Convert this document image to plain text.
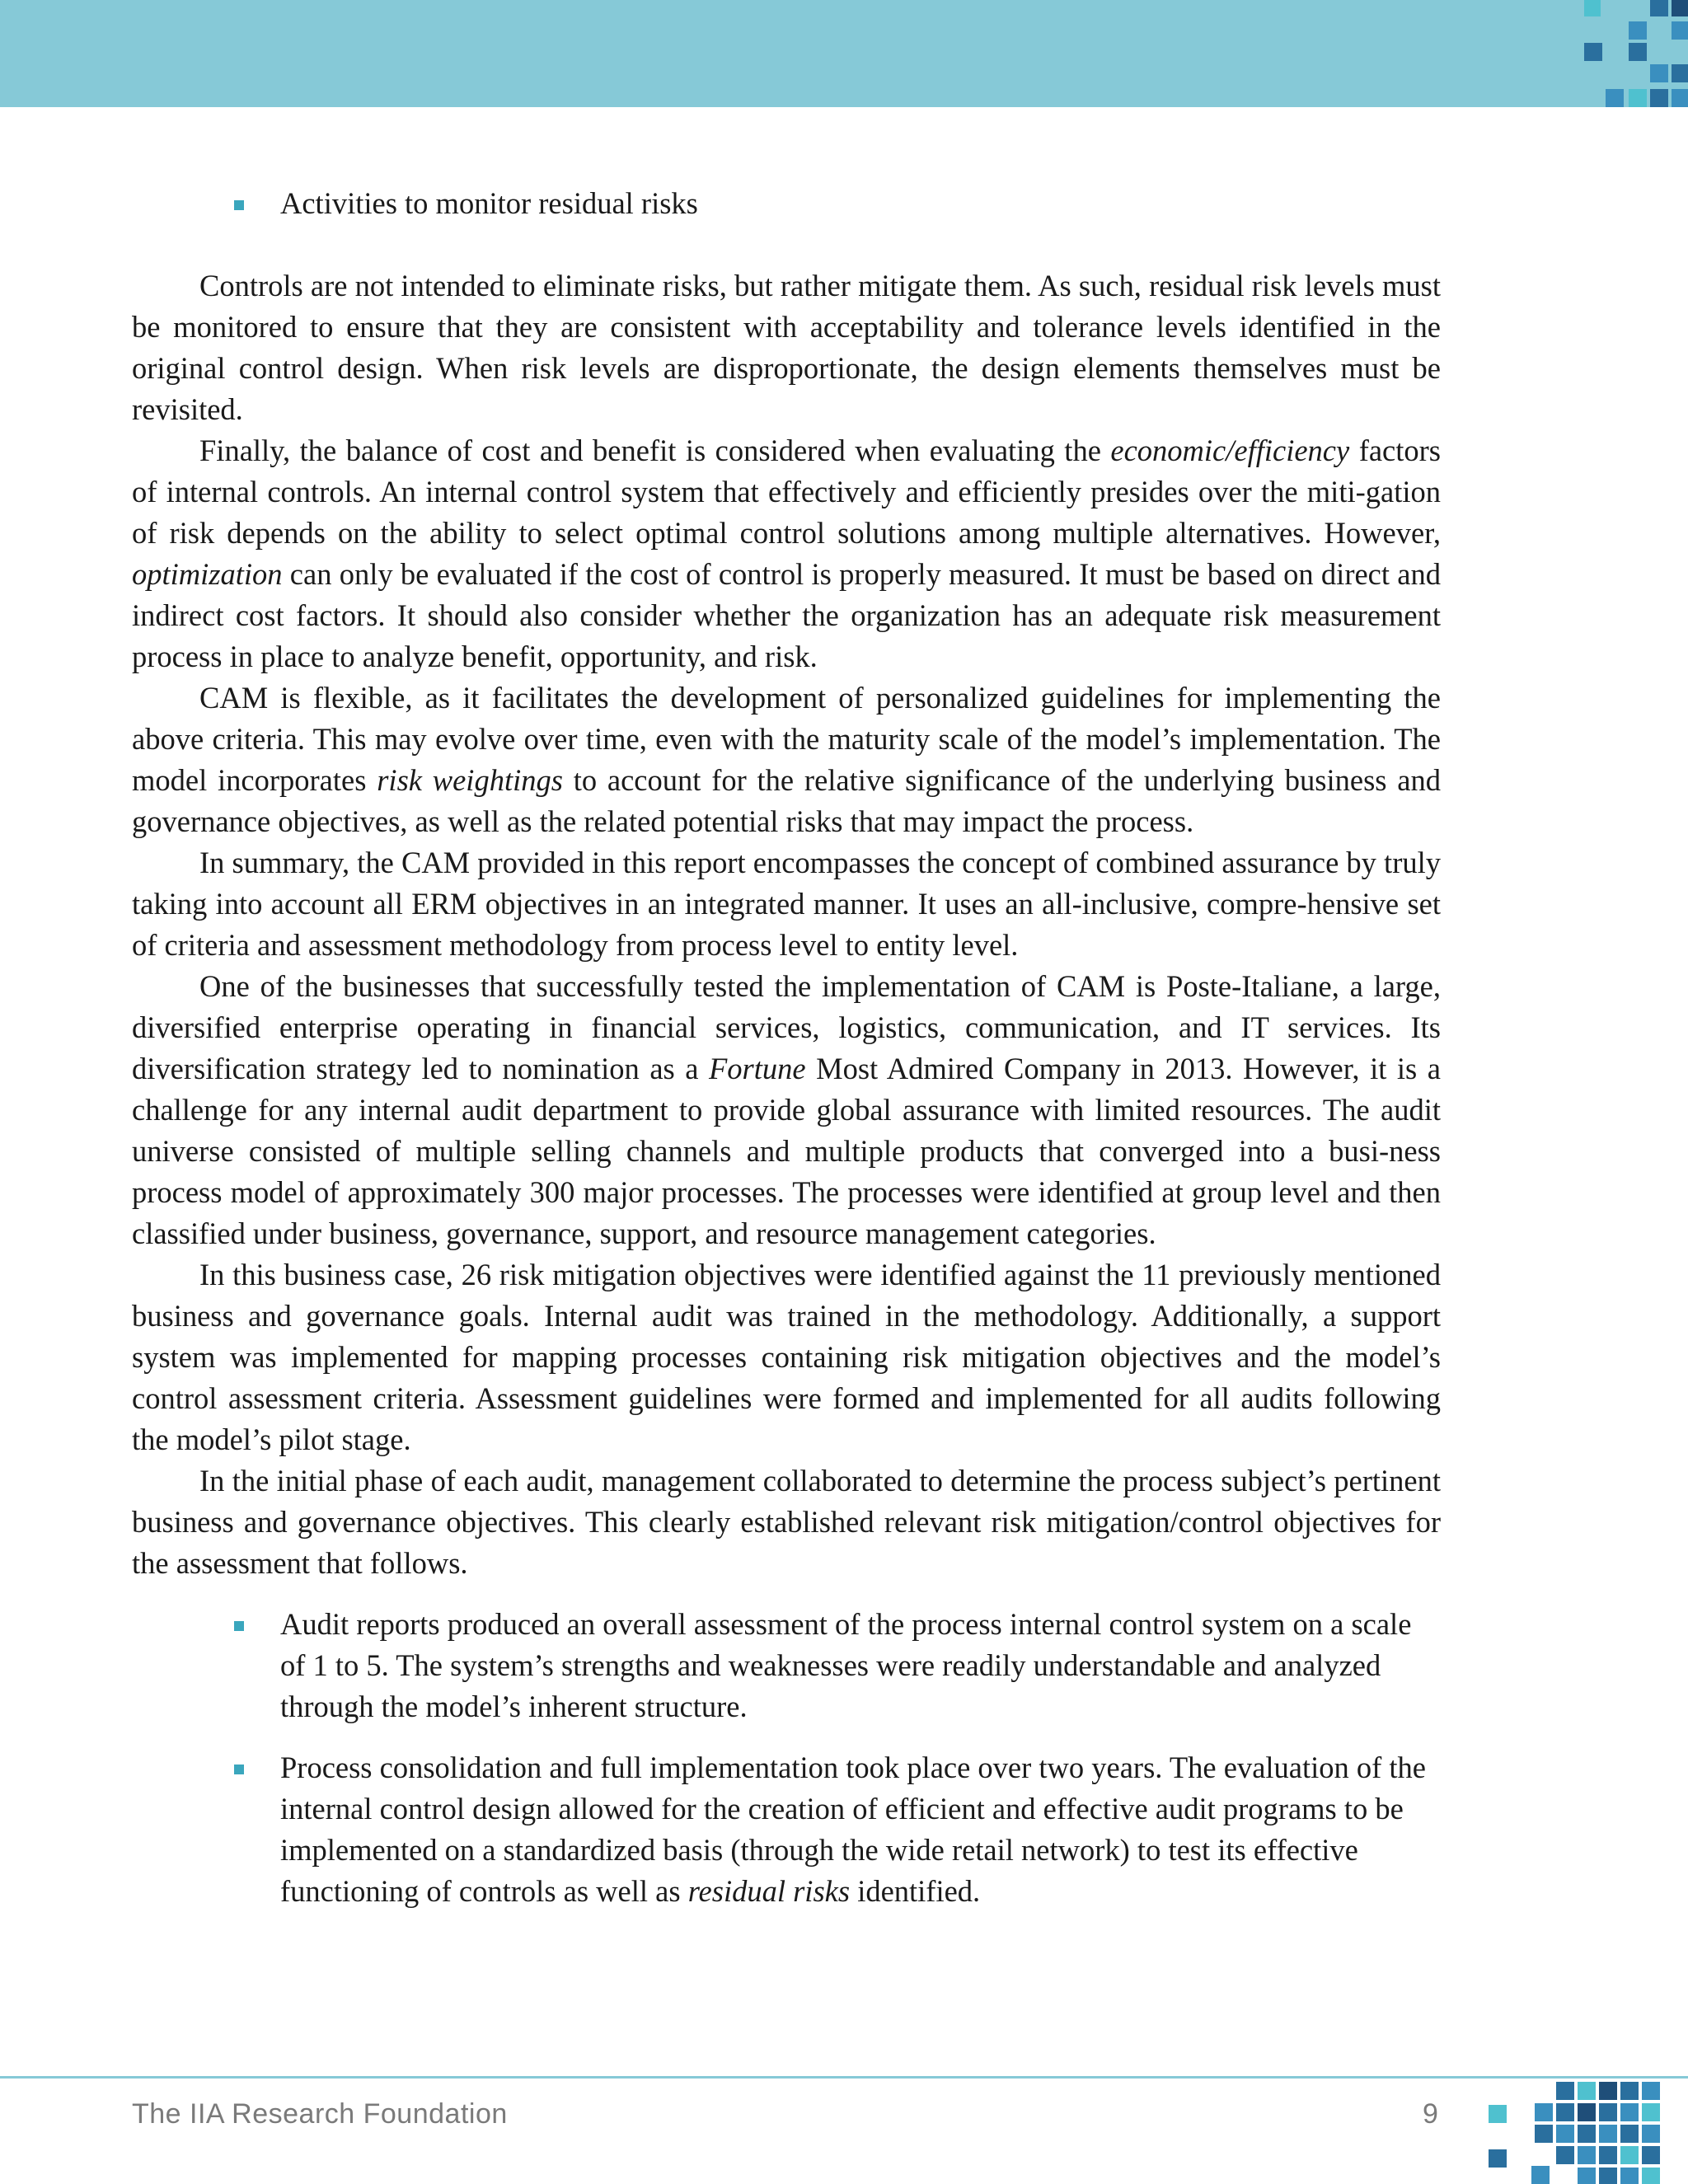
Activities to monitor residual risks

Controls are not intended to eliminate risks, but rather mitigate them. As such, residual risk levels must be monitored to ensure that they are consistent with acceptability and tolerance levels identified in the original control design. When risk levels are disproportionate, the design elements themselves must be revisited.

Finally, the balance of cost and benefit is considered when evaluating the economic/efficiency factors of internal controls. An internal control system that effectively and efficiently presides over the miti-gation of risk depends on the ability to select optimal control solutions among multiple alternatives. However, optimization can only be evaluated if the cost of control is properly measured. It must be based on direct and indirect cost factors. It should also consider whether the organization has an adequate risk measurement process in place to analyze benefit, opportunity, and risk.

CAM is flexible, as it facilitates the development of personalized guidelines for implementing the above criteria. This may evolve over time, even with the maturity scale of the model’s implementation. The model incorporates risk weightings to account for the relative significance of the underlying business and governance objectives, as well as the related potential risks that may impact the process.

In summary, the CAM provided in this report encompasses the concept of combined assurance by truly taking into account all ERM objectives in an integrated manner. It uses an all-inclusive, compre-hensive set of criteria and assessment methodology from process level to entity level.

One of the businesses that successfully tested the implementation of CAM is Poste-Italiane, a large, diversified enterprise operating in financial services, logistics, communication, and IT services. Its diversification strategy led to nomination as a Fortune Most Admired Company in 2013. However, it is a challenge for any internal audit department to provide global assurance with limited resources. The audit universe consisted of multiple selling channels and multiple products that converged into a busi-ness process model of approximately 300 major processes. The processes were identified at group level and then classified under business, governance, support, and resource management categories.

In this business case, 26 risk mitigation objectives were identified against the 11 previously mentioned business and governance goals. Internal audit was trained in the methodology. Additionally, a support system was implemented for mapping processes containing risk mitigation objectives and the model’s control assessment criteria. Assessment guidelines were formed and implemented for all audits following the model’s pilot stage.

In the initial phase of each audit, management collaborated to determine the process subject’s pertinent business and governance objectives. This clearly established relevant risk mitigation/control objectives for the assessment that follows.

Audit reports produced an overall assessment of the process internal control system on a scale of 1 to 5. The system’s strengths and weaknesses were readily understandable and analyzed through the model’s inherent structure.
Process consolidation and full implementation took place over two years. The evaluation of the internal control design allowed for the creation of efficient and effective audit programs to be implemented on a standardized basis (through the wide retail network) to test its effective functioning of controls as well as residual risks identified.
The IIA Research Foundation	9
